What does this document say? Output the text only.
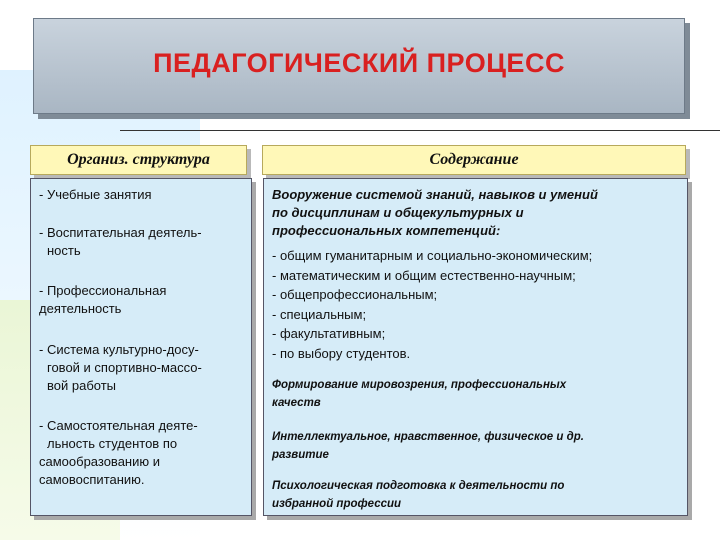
ПЕДАГОГИЧЕСКИЙ ПРОЦЕСС
Организ. структура	Содержание
- Учебные занятия
- Воспитательная деятель-
ность
- Профессиональная
деятельность
- Система культурно-досу-
говой и спортивно-массо-
вой работы
- Самостоятельная деяте-
льность студентов по
самообразованию и
самовоспитанию.
Вооружение системой знаний, навыков и умений
по дисциплинам и общекультурных и
профессиональных компетенций:
- общим гуманитарным и социально-экономическим;
- математическим и общим естественно-научным;
- общепрофессиональным;
- специальным;
- факультативным;
- по выбору студентов.
Формирование мировозрения, профессиональных
качеств
Интеллектуальное, нравственное, физическое и др.
развитие
Психологическая подготовка к деятельности по
избранной профессии
